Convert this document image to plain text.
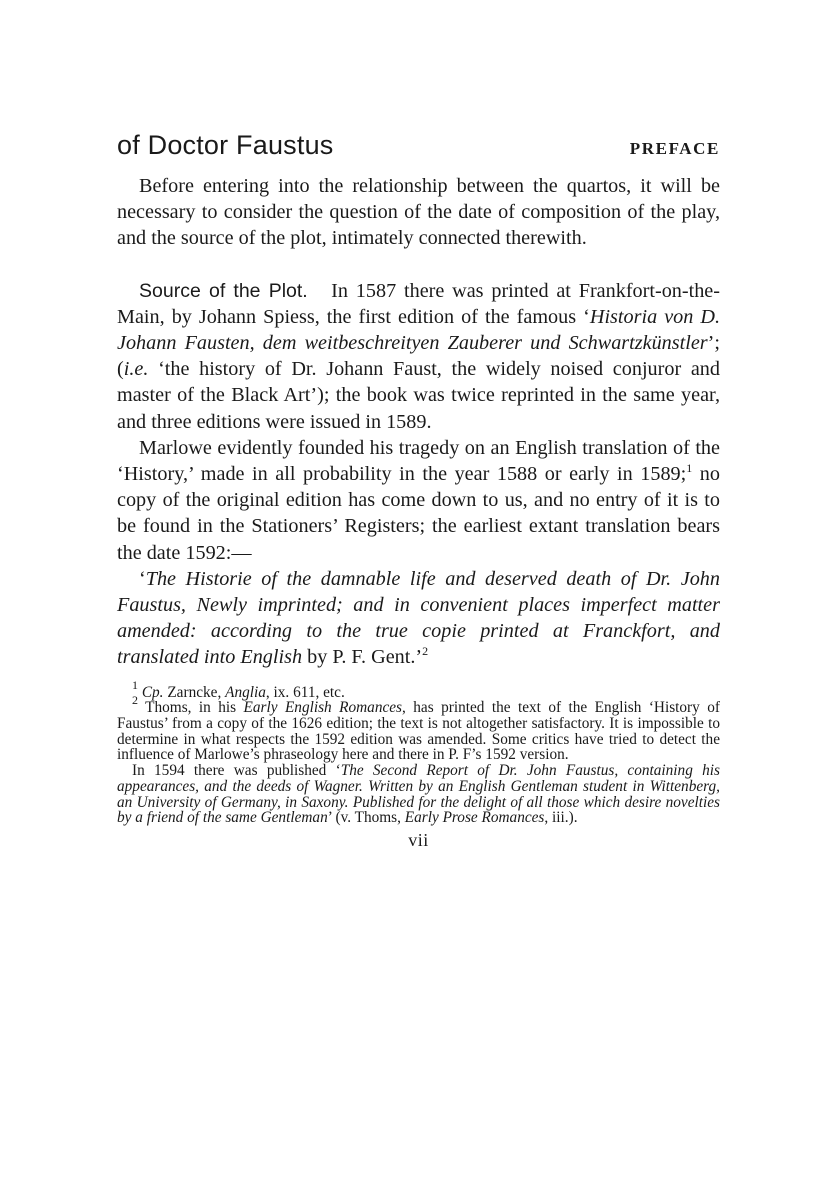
of Doctor Faustus	PREFACE

Before entering into the relationship between the quartos, it will be necessary to consider the question of the date of composition of the play, and the source of the plot, intimately connected therewith.

Source of the Plot. In 1587 there was printed at Frankfort-on-the-Main, by Johann Spiess, the first edition of the famous ‘Historia von D. Johann Fausten, dem weitbeschreityen Zauberer und Schwartzkünstler’; (i.e. ‘the history of Dr. Johann Faust, the widely noised conjuror and master of the Black Art’); the book was twice reprinted in the same year, and three editions were issued in 1589.

Marlowe evidently founded his tragedy on an English translation of the ‘History,’ made in all probability in the year 1588 or early in 1589;$^1$ no copy of the original edition has come down to us, and no entry of it is to be found in the Stationers’ Registers; the earliest extant translation bears the date 1592:—

‘The Historie of the damnable life and deserved death of Dr. John Faustus, Newly imprinted; and in convenient places imperfect matter amended: according to the true copie printed at Franckfort, and translated into English by P. F. Gent.’$^2$

$^1$ Cp. Zarncke, Anglia, ix. 611, etc.

$^2$ Thoms, in his Early English Romances, has printed the text of the English ‘History of Faustus’ from a copy of the 1626 edition; the text is not altogether satisfactory. It is impossible to determine in what respects the 1592 edition was amended. Some critics have tried to detect the influence of Marlowe’s phraseology here and there in P. F’s 1592 version.

In 1594 there was published ‘The Second Report of Dr. John Faustus, containing his appearances, and the deeds of Wagner. Written by an English Gentleman student in Wittenberg, an University of Germany, in Saxony. Published for the delight of all those which desire novelties by a friend of the same Gentleman’ (v. Thoms, Early Prose Romances, iii.).

vii
